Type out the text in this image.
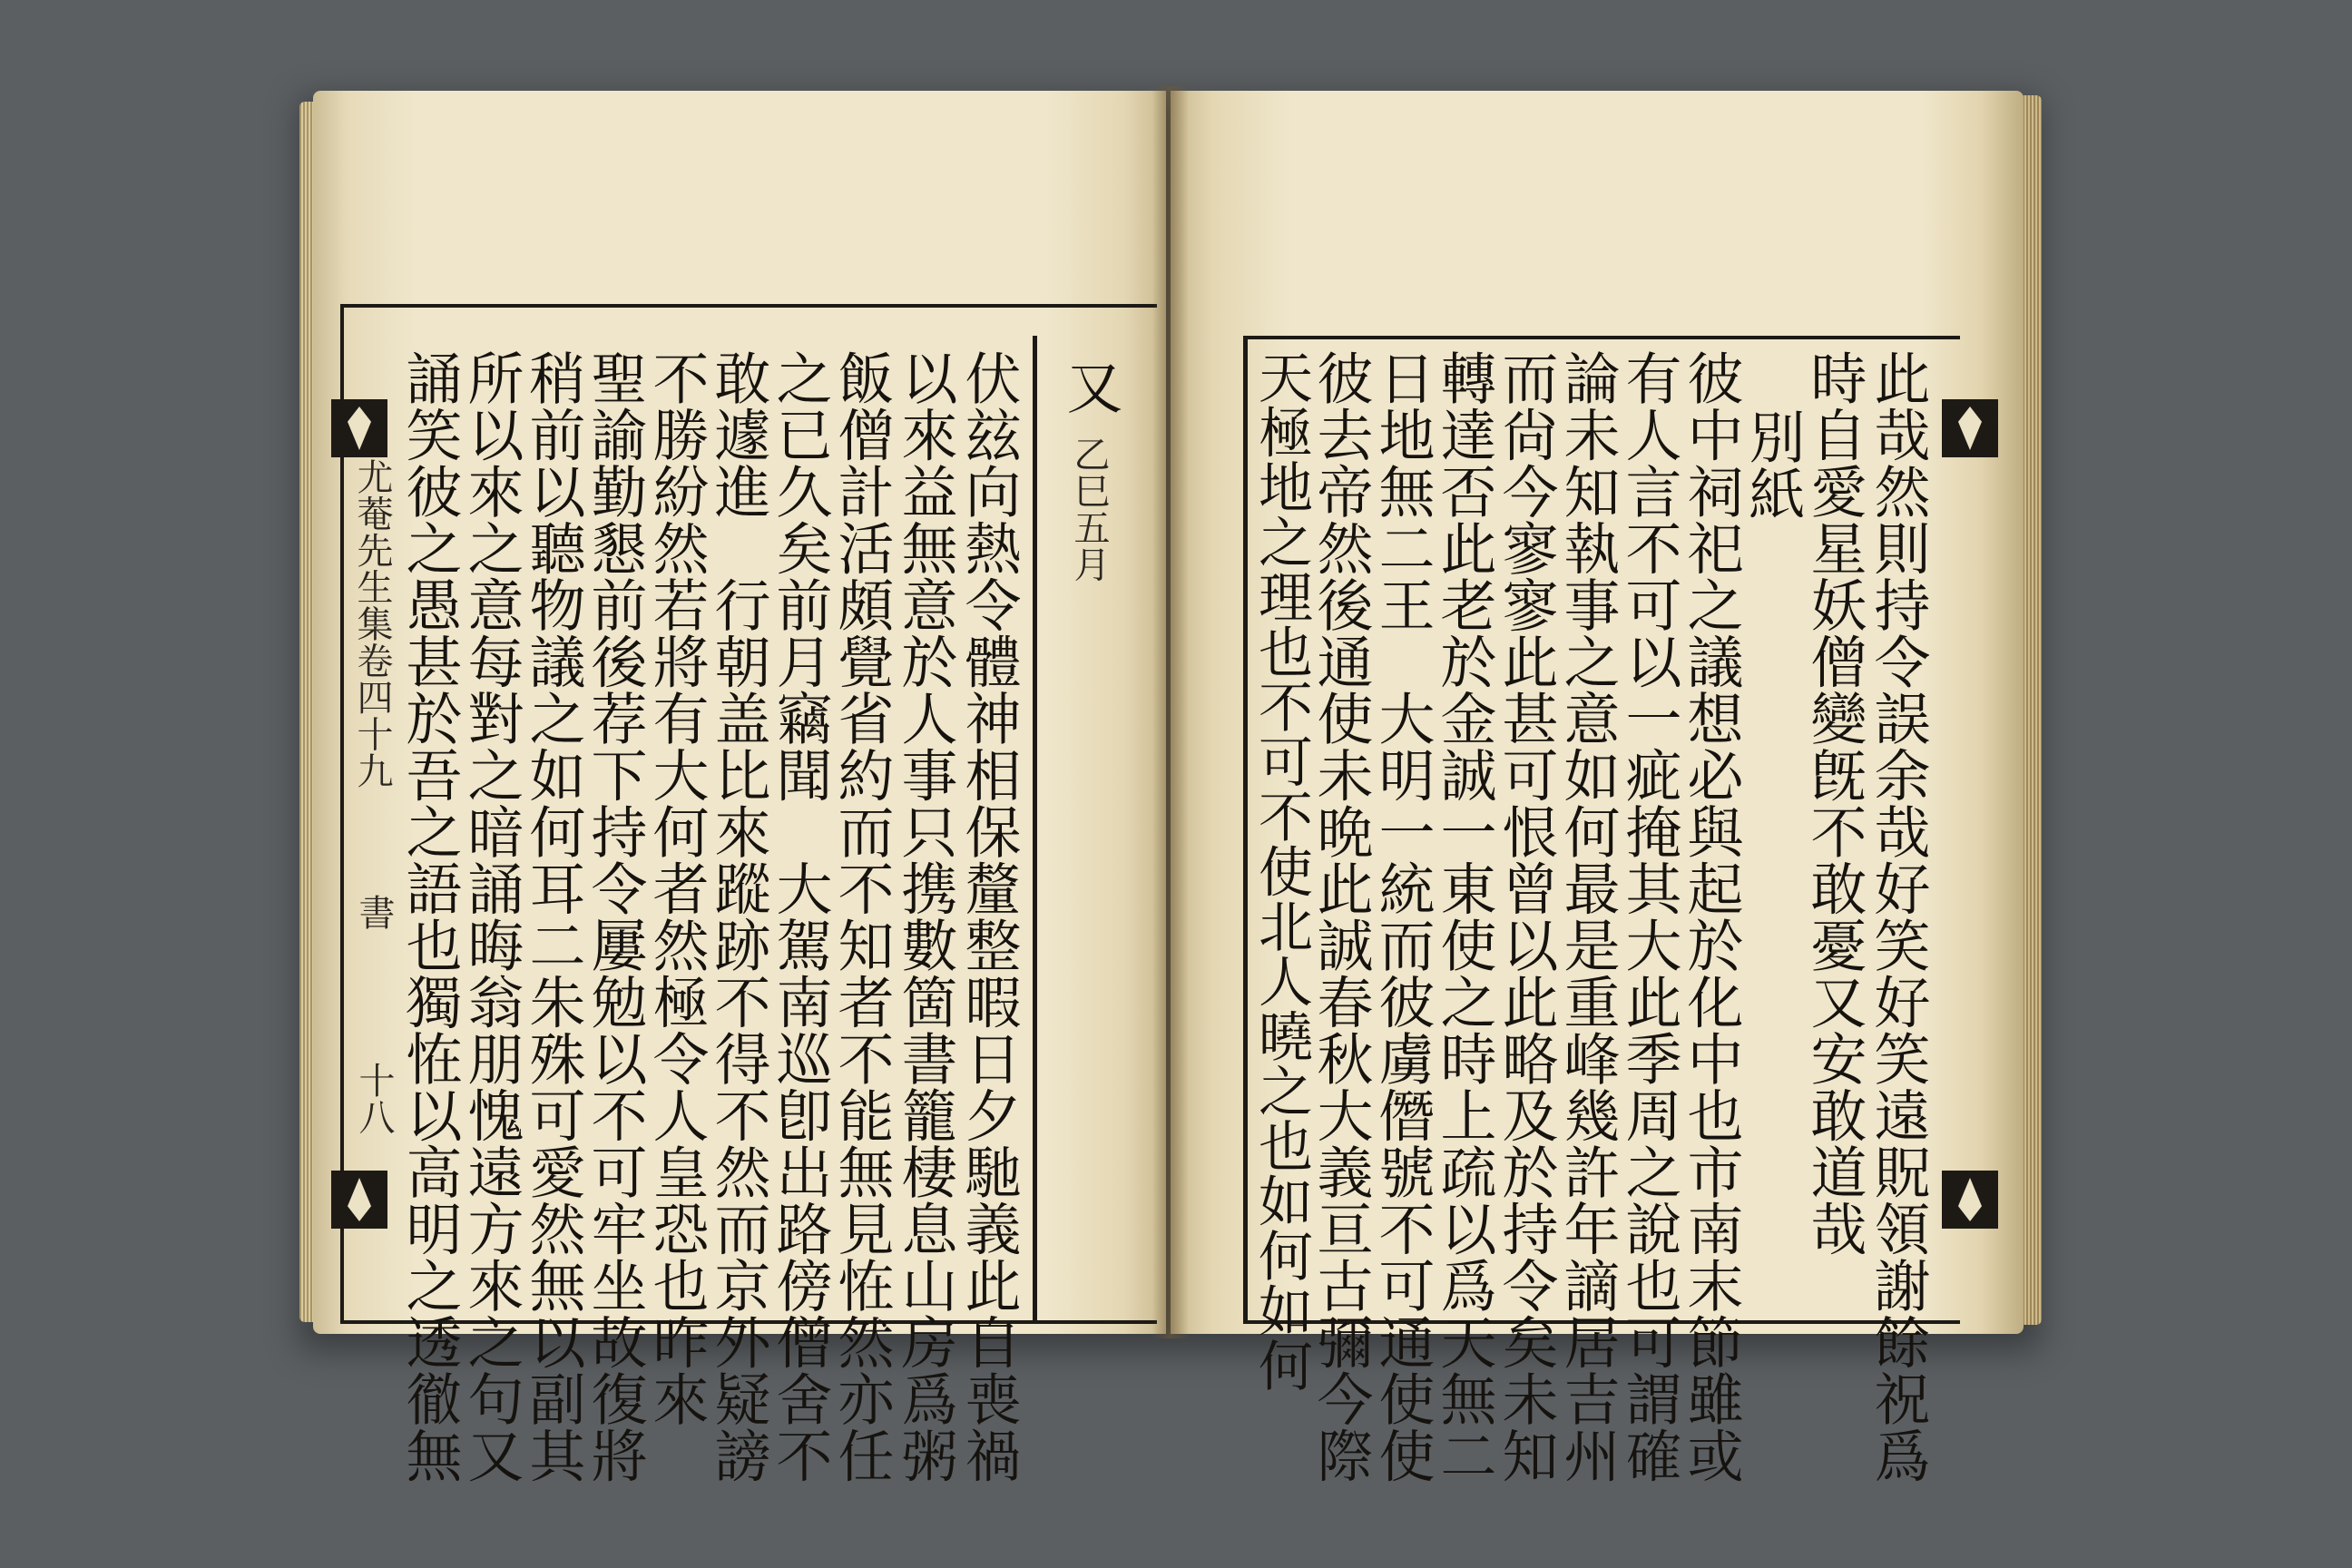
伏玆向熱令體神相保釐整暇日夕馳義此自喪禍
以來益無意於人事只携數箇書籠棲息山房爲粥
飯僧計活頗覺省約而不知者不能無見恠然亦任
之已久矣前月竊聞　大駕南巡卽出路傍僧舍不
敢遽進　行朝盖比來蹤跡不得不然而京外疑謗
不勝紛然若將有大何者然極令人皇恐也昨來
聖諭勤懇前後荐下持令屢勉以不可牢坐故復將
稍前以聽物議之如何耳二朱殊可愛然無以副其
所以來之意每對之暗誦晦翁朋愧遠方來之句又
誦笑彼之愚甚於吾之語也獨恠以高明之透徹無	又
乙巳五月
尤菴先生集卷四十九
書
十八	此哉然則持令誤余哉好笑好笑遠貺領謝餘祝爲
時自愛星妖僧變旣不敢憂又安敢道哉
別紙
彼中祠祀之議想必與起於化中也市南末節雖或
有人言不可以一疵掩其大此季周之說也可謂確
論未知執事之意如何最是重峰幾許年謫居吉州
而尙今寥寥此甚可恨曾以此略及於持令矣未知
轉達否此老於金誠一東使之時上疏以爲天無二
日地無二王　大明一統而彼虜僭號不可通使使
彼去帝然後通使未晩此誠春秋大義亘古彌今際
天極地之理也不可不使北人曉之也如何如何
